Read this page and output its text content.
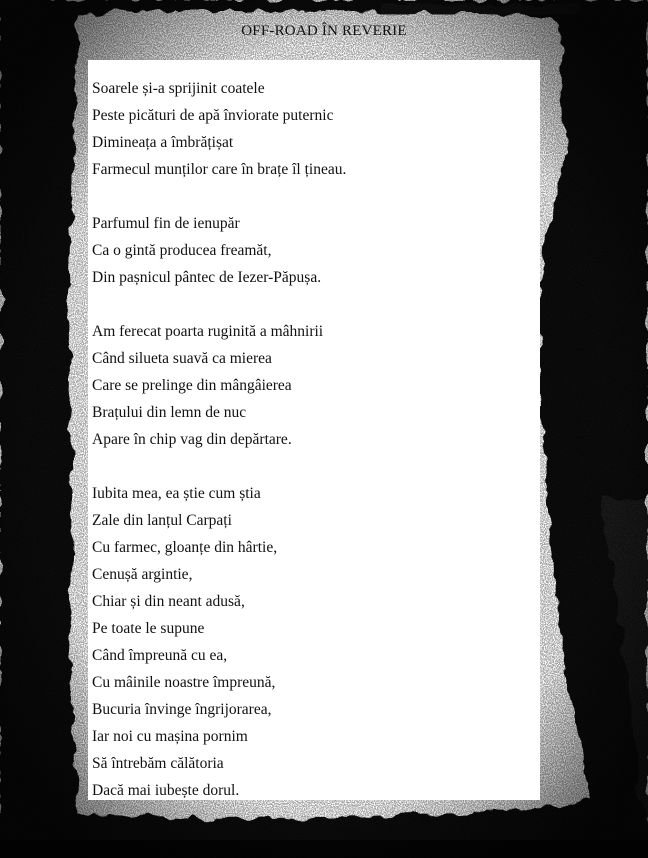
OFF-ROAD ÎN REVERIE
Soarele și-a sprijinit coatele
Peste picături de apă înviorate puternic
Dimineața a îmbrățișat
Farmecul munților care în brațe îl țineau.
Parfumul fin de ienupăr
Ca o gintă producea freamăt,
Din pașnicul pântec de Iezer-Păpușa.
Am ferecat poarta ruginită a mâhnirii
Când silueta suavă ca mierea
Care se prelinge din mângâierea
Brațului din lemn de nuc
Apare în chip vag din depărtare.
Iubita mea, ea știe cum știa
Zale din lanțul Carpați
Cu farmec, gloanțe din hârtie,
Cenușă argintie,
Chiar și din neant adusă,
Pe toate le supune
Când împreună cu ea,
Cu mâinile noastre împreună,
Bucuria învinge îngrijorarea,
Iar noi cu mașina pornim
Să întrebăm călătoria
Dacă mai iubește dorul.
